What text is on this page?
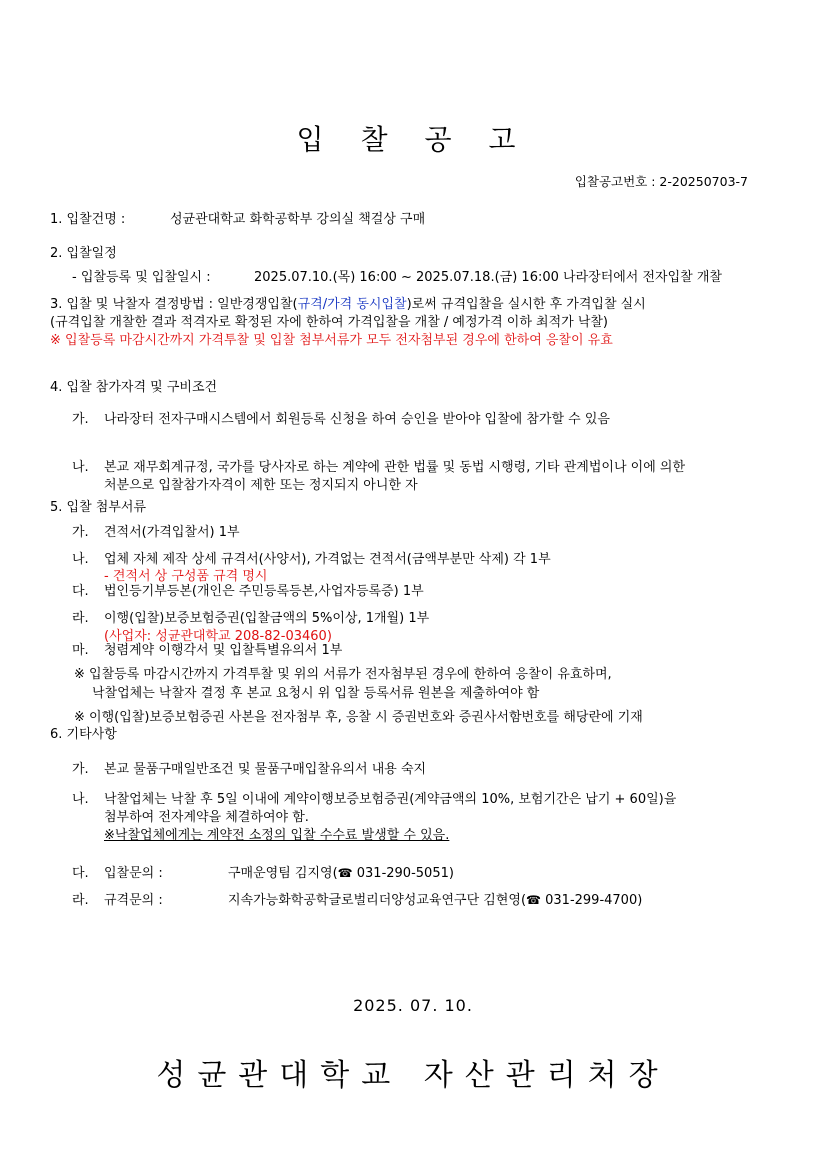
입 찰 공 고
입찰공고번호 : 2-20250703-7
1. 입찰건명 :	성균관대학교 화학공학부 강의실 책걸상 구매
2. 입찰일정
- 입찰등록 및 입찰일시 :	2025.07.10.(목) 16:00 ~ 2025.07.18.(금) 16:00 나라장터에서 전자입찰 개찰
3. 입찰 및 낙찰자 결정방법 : 일반경쟁입찰(규격/가격 동시입찰)로써 규격입찰을 실시한 후 가격입찰 실시
(규격입찰 개찰한 결과 적격자로 확정된 자에 한하여 가격입찰을 개찰 / 예정가격 이하 최적가 낙찰)
※ 입찰등록 마감시간까지 가격투찰 및 입찰 첨부서류가 모두 전자첨부된 경우에 한하여 응찰이 유효
4. 입찰 참가자격 및 구비조건
가. 나라장터 전자구매시스템에서 회원등록 신청을 하여 승인을 받아야 입찰에 참가할 수 있음
나. 본교 재무회계규정, 국가를 당사자로 하는 계약에 관한 법률 및 동법 시행령, 기타 관계법이나 이에 의한
처분으로 입찰참가자격이 제한 또는 정지되지 아니한 자
5. 입찰 첨부서류
가. 견적서(가격입찰서) 1부
나. 업체 자체 제작 상세 규격서(사양서), 가격없는 견적서(금액부분만 삭제) 각 1부
- 견적서 상 구성품 규격 명시
다. 법인등기부등본(개인은 주민등록등본,사업자등록증) 1부
라. 이행(입찰)보증보험증권(입찰금액의 5%이상, 1개월) 1부
(사업자: 성균관대학교 208-82-03460)
마. 청렴계약 이행각서 및 입찰특별유의서 1부
※ 입찰등록 마감시간까지 가격투찰 및 위의 서류가 전자첨부된 경우에 한하여 응찰이 유효하며,
낙찰업체는 낙찰자 결정 후 본교 요청시 위 입찰 등록서류 원본을 제출하여야 함
※ 이행(입찰)보증보험증권 사본을 전자첨부 후, 응찰 시 증권번호와 증권사서함번호를 해당란에 기재
6. 기타사항
가. 본교 물품구매일반조건 및 물품구매입찰유의서 내용 숙지
나. 낙찰업체는 낙찰 후 5일 이내에 계약이행보증보험증권(계약금액의 10%, 보험기간은 납기 + 60일)을
첨부하여 전자계약을 체결하여야 함.
※낙찰업체에게는 계약전 소정의 입찰 수수료 발생할 수 있음.
다. 입찰문의 :	구매운영팀 김지영(☎ 031-290-5051)
라. 규격문의 :	지속가능화학공학글로벌리더양성교육연구단 김현영(☎ 031-299-4700)
2025. 07. 10.
성균관대학교 자산관리처장
